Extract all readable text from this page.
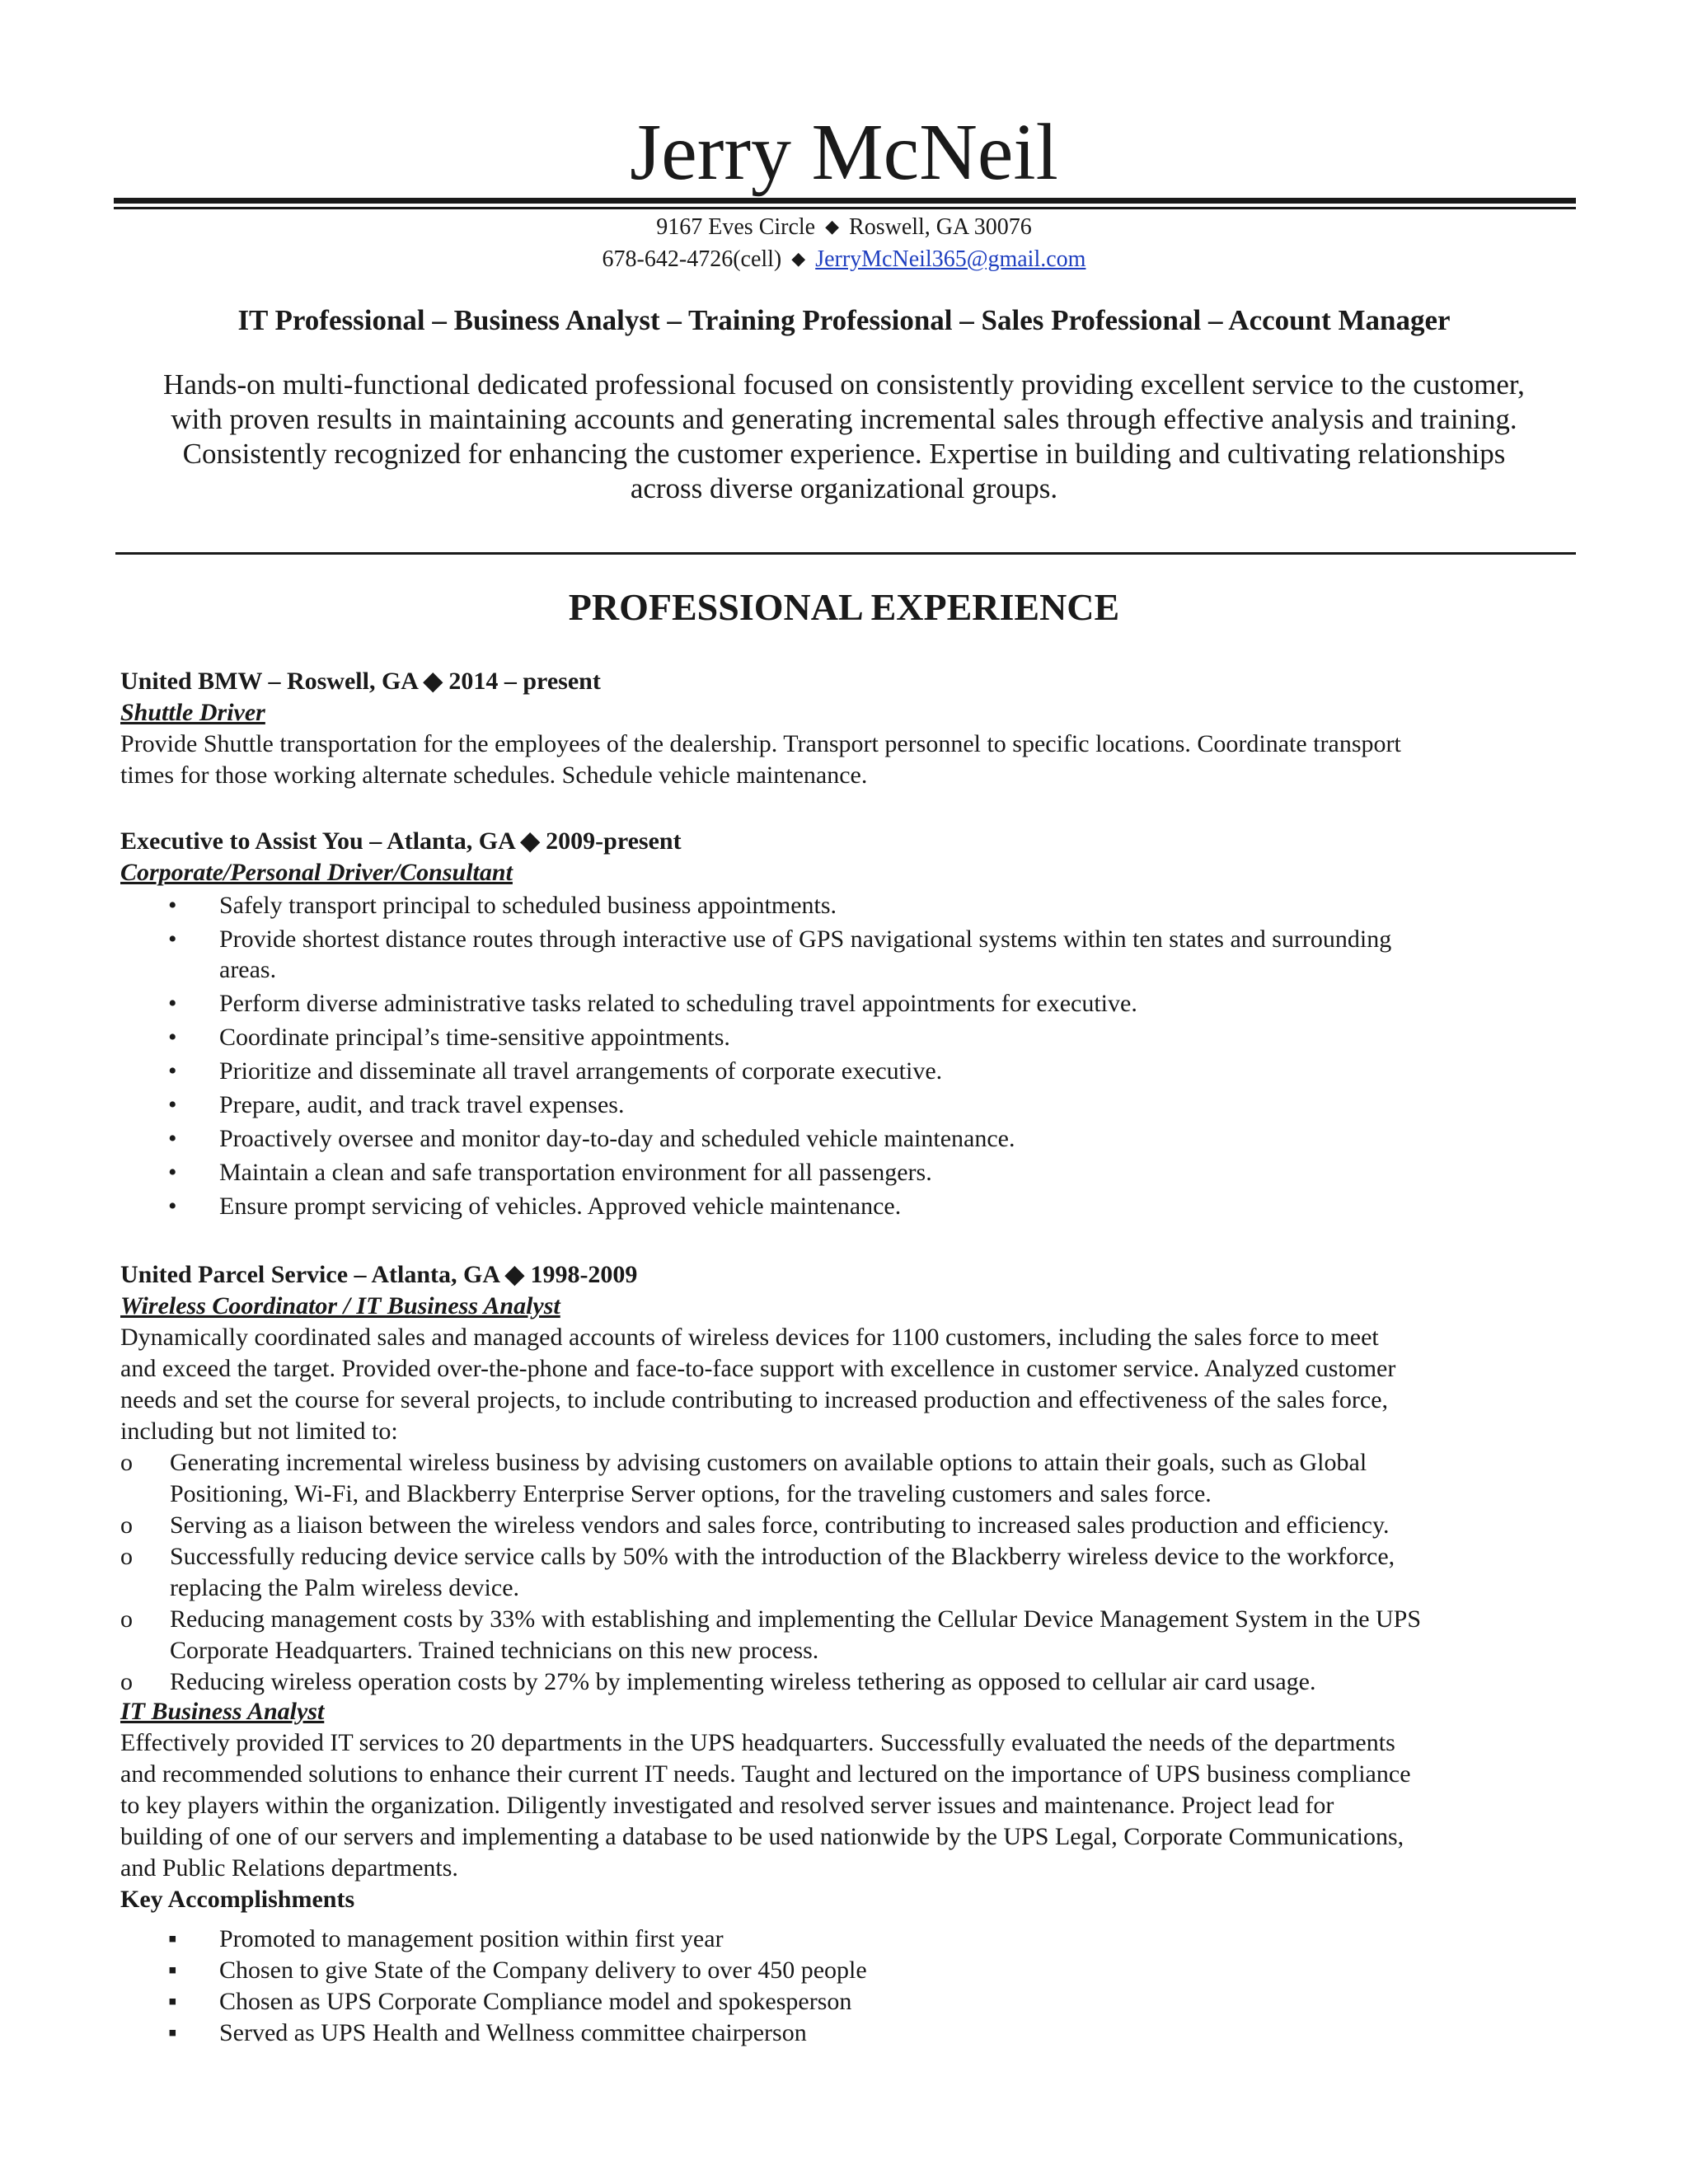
Jerry McNeil
9167 Eves Circle ◆ Roswell, GA 30076
678-642-4726(cell) ◆ JerryMcNeil365@gmail.com
IT Professional – Business Analyst – Training Professional – Sales Professional – Account Manager
Hands-on multi-functional dedicated professional focused on consistently providing excellent service to the customer,
with proven results in maintaining accounts and generating incremental sales through effective analysis and training.
Consistently recognized for enhancing the customer experience. Expertise in building and cultivating relationships
across diverse organizational groups.
PROFESSIONAL EXPERIENCE
United BMW – Roswell, GA ◆ 2014 – present
Shuttle Driver
Provide Shuttle transportation for the employees of the dealership. Transport personnel to specific locations. Coordinate transport
times for those working alternate schedules. Schedule vehicle maintenance.
Executive to Assist You – Atlanta, GA ◆ 2009-present
Corporate/Personal Driver/Consultant
• Safely transport principal to scheduled business appointments.
• Provide shortest distance routes through interactive use of GPS navigational systems within ten states and surrounding
areas.
• Perform diverse administrative tasks related to scheduling travel appointments for executive.
• Coordinate principal’s time-sensitive appointments.
• Prioritize and disseminate all travel arrangements of corporate executive.
• Prepare, audit, and track travel expenses.
• Proactively oversee and monitor day-to-day and scheduled vehicle maintenance.
• Maintain a clean and safe transportation environment for all passengers.
• Ensure prompt servicing of vehicles. Approved vehicle maintenance.
United Parcel Service – Atlanta, GA ◆ 1998-2009
Wireless Coordinator / IT Business Analyst
Dynamically coordinated sales and managed accounts of wireless devices for 1100 customers, including the sales force to meet
and exceed the target. Provided over-the-phone and face-to-face support with excellence in customer service. Analyzed customer
needs and set the course for several projects, to include contributing to increased production and effectiveness of the sales force,
including but not limited to:
o Generating incremental wireless business by advising customers on available options to attain their goals, such as Global
Positioning, Wi-Fi, and Blackberry Enterprise Server options, for the traveling customers and sales force.
o Serving as a liaison between the wireless vendors and sales force, contributing to increased sales production and efficiency.
o Successfully reducing device service calls by 50% with the introduction of the Blackberry wireless device to the workforce,
replacing the Palm wireless device.
o Reducing management costs by 33% with establishing and implementing the Cellular Device Management System in the UPS
Corporate Headquarters. Trained technicians on this new process.
o Reducing wireless operation costs by 27% by implementing wireless tethering as opposed to cellular air card usage.
IT Business Analyst
Effectively provided IT services to 20 departments in the UPS headquarters. Successfully evaluated the needs of the departments
and recommended solutions to enhance their current IT needs. Taught and lectured on the importance of UPS business compliance
to key players within the organization. Diligently investigated and resolved server issues and maintenance. Project lead for
building of one of our servers and implementing a database to be used nationwide by the UPS Legal, Corporate Communications,
and Public Relations departments.
Key Accomplishments
▪ Promoted to management position within first year
▪ Chosen to give State of the Company delivery to over 450 people
▪ Chosen as UPS Corporate Compliance model and spokesperson
▪ Served as UPS Health and Wellness committee chairperson
